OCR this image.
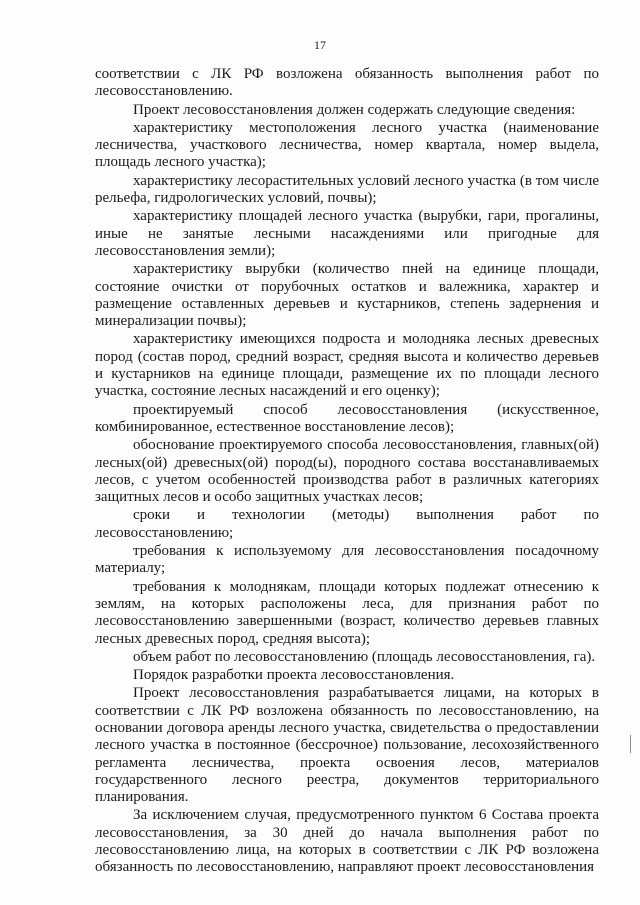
17

соответствии с ЛК РФ возложена обязанность выполнения работ по лесовосстановлению.

Проект лесовосстановления должен содержать следующие сведения:

характеристику местоположения лесного участка (наименование лесничества, участкового лесничества, номер квартала, номер выдела, площадь лесного участка);

характеристику лесорастительных условий лесного участка (в том числе рельефа, гидрологических условий, почвы);

характеристику площадей лесного участка (вырубки, гари, прогалины, иные не занятые лесными насаждениями или пригодные для лесовосстановления земли);

характеристику вырубки (количество пней на единице площади, состояние очистки от порубочных остатков и валежника, характер и размещение оставленных деревьев и кустарников, степень задернения и минерализации почвы);

характеристику имеющихся подроста и молодняка лесных древесных пород (состав пород, средний возраст, средняя высота и количество деревьев и кустарников на единице площади, размещение их по площади лесного участка, состояние лесных насаждений и его оценку);

проектируемый способ лесовосстановления (искусственное, комбинированное, естественное восстановление лесов);

обоснование проектируемого способа лесовосстановления, главных(ой) лесных(ой) древесных(ой) пород(ы), породного состава восстанавливаемых лесов, с учетом особенностей производства работ в различных категориях защитных лесов и особо защитных участках лесов;

сроки и технологии (методы) выполнения работ по лесовосстановлению;

требования к используемому для лесовосстановления посадочному материалу;

требования к молоднякам, площади которых подлежат отнесению к землям, на которых расположены леса, для признания работ по лесовосстановлению завершенными (возраст, количество деревьев главных лесных древесных пород, средняя высота);

объем работ по лесовосстановлению (площадь лесовосстановления, га).

Порядок разработки проекта лесовосстановления.

Проект лесовосстановления разрабатывается лицами, на которых в соответствии с ЛК РФ возложена обязанность по лесовосстановлению, на основании договора аренды лесного участка, свидетельства о предоставлении лесного участка в постоянное (бессрочное) пользование, лесохозяйственного регламента лесничества, проекта освоения лесов, материалов государственного лесного реестра, документов территориального планирования.

За исключением случая, предусмотренного пунктом 6 Состава проекта лесовосстановления, за 30 дней до начала выполнения работ по лесовосстановлению лица, на которых в соответствии с ЛК РФ возложена обязанность по лесовосстановлению, направляют проект лесовосстановления
